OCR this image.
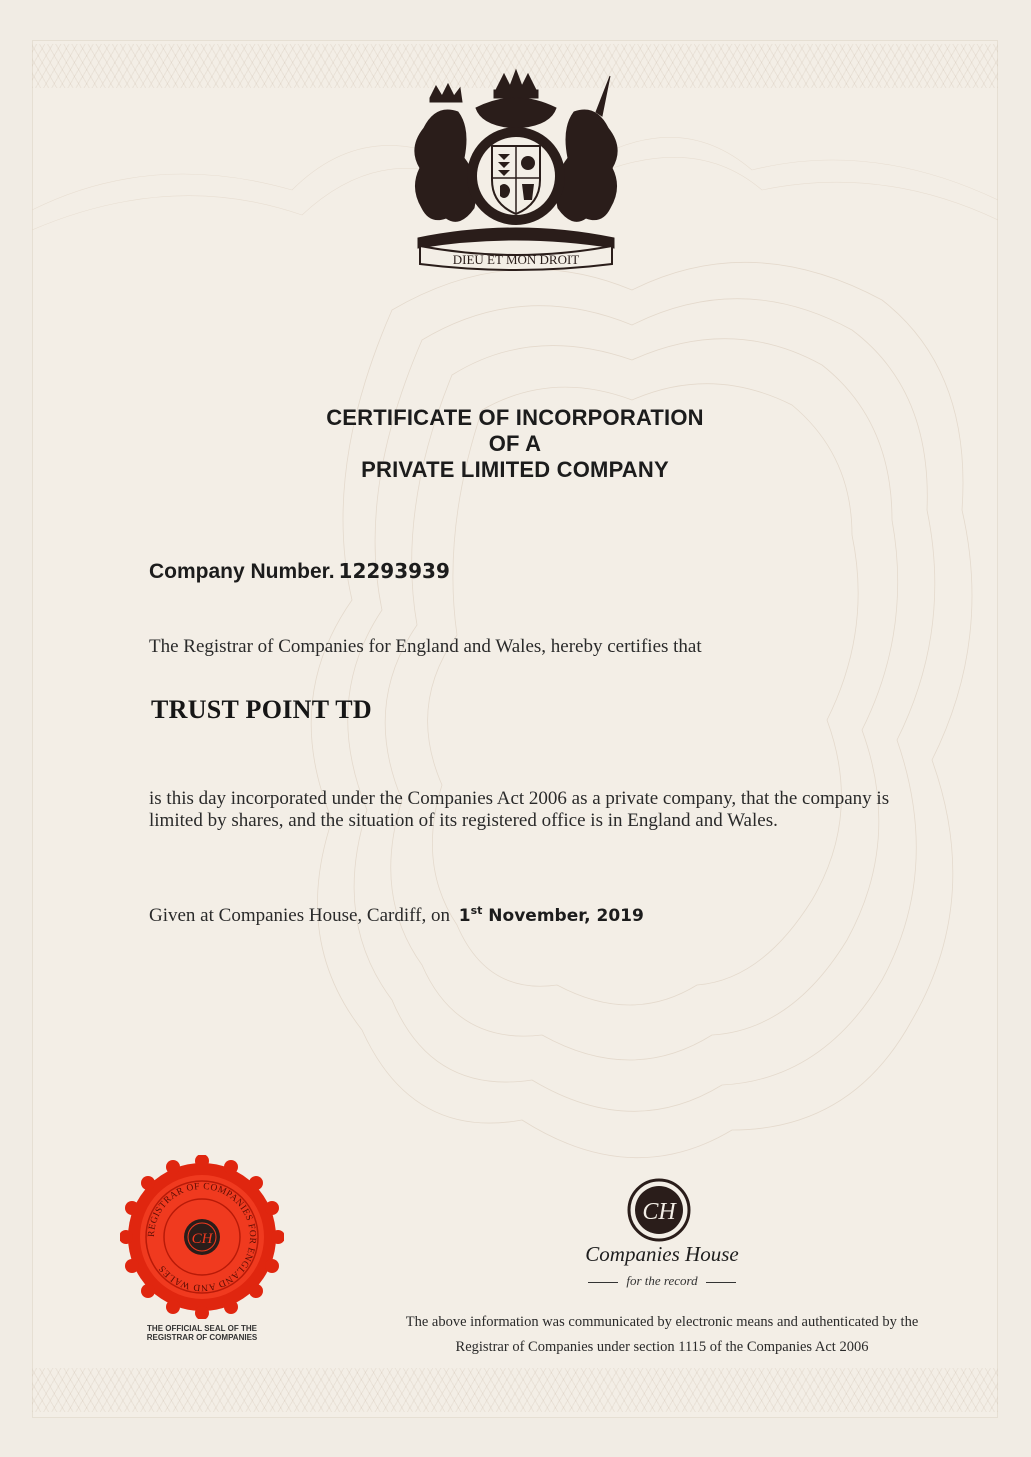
DIEU ET MON DROIT
CERTIFICATE OF INCORPORATION
OF A
PRIVATE LIMITED COMPANY
Company Number. 12293939
The Registrar of Companies for England and Wales, hereby certifies that
TRUST POINT TD
is this day incorporated under the Companies Act 2006 as a private company, that the company is limited by shares, and the situation of its registered office is in England and Wales.
Given at Companies House, Cardiff, on 1st November, 2019
REGISTRAR OF COMPANIES FOR ENGLAND AND WALES
CH
THE OFFICIAL SEAL OF THE
REGISTRAR OF COMPANIES
CH
Companies House
for the record
The above information was communicated by electronic means and authenticated by the
Registrar of Companies under section 1115 of the Companies Act 2006
